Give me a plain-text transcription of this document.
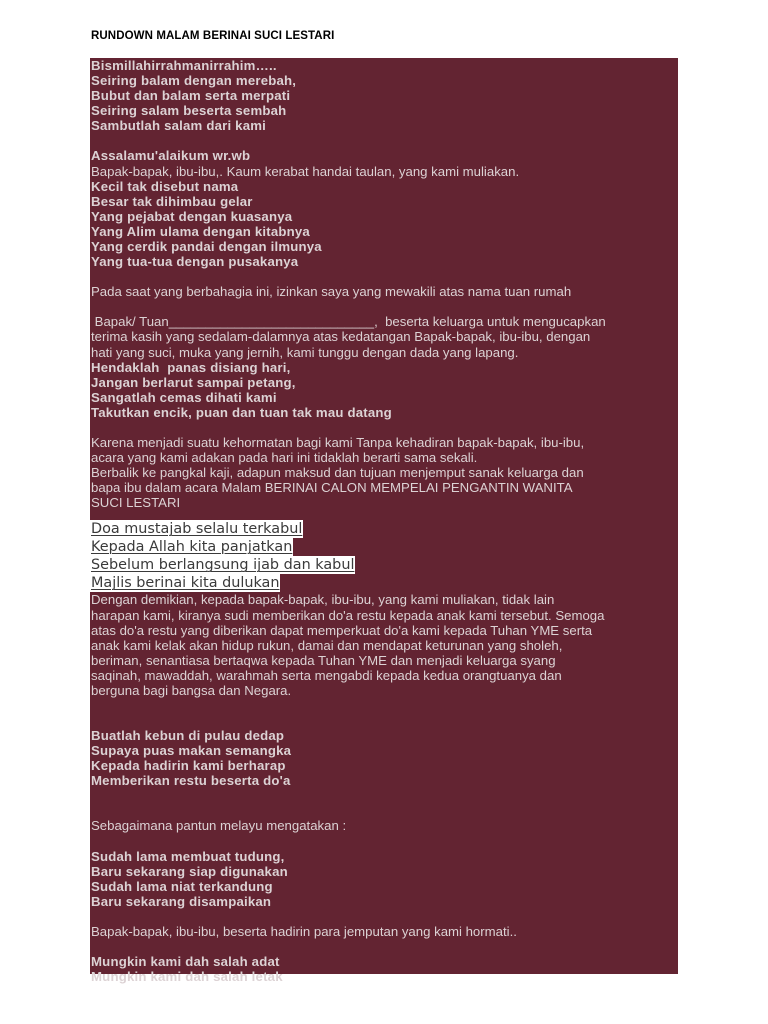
RUNDOWN MALAM BERINAI SUCI LESTARI
Bismillahirrahmanirrahim…..
Seiring balam dengan merebah,
Bubut dan balam serta merpati
Seiring salam beserta sembah
Sambutlah salam dari kami
Assalamu'alaikum wr.wb
Bapak-bapak, ibu-ibu,. Kaum kerabat handai taulan, yang kami muliakan.
Kecil tak disebut nama
Besar tak dihimbau gelar
Yang pejabat dengan kuasanya
Yang Alim ulama dengan kitabnya
Yang cerdik pandai dengan ilmunya
Yang tua-tua dengan pusakanya
Pada saat yang berbahagia ini, izinkan saya yang mewakili atas nama tuan rumah
Bapak/ Tuan____________________________,  beserta keluarga untuk mengucapkan
terima kasih yang sedalam-dalamnya atas kedatangan Bapak-bapak, ibu-ibu, dengan
hati yang suci, muka yang jernih, kami tunggu dengan dada yang lapang.
Hendaklah  panas disiang hari,
Jangan berlarut sampai petang,
Sangatlah cemas dihati kami
Takutkan encik, puan dan tuan tak mau datang
Karena menjadi suatu kehormatan bagi kami Tanpa kehadiran bapak-bapak, ibu-ibu,
acara yang kami adakan pada hari ini tidaklah berarti sama sekali.
Berbalik ke pangkal kaji, adapun maksud dan tujuan menjemput sanak keluarga dan
bapa ibu dalam acara Malam BERINAI CALON MEMPELAI PENGANTIN WANITA
SUCI LESTARI
Doa mustajab selalu terkabul
Kepada Allah kita panjatkan
Sebelum berlangsung ijab dan kabul
Majlis berinai kita dulukan
Dengan demikian, kepada bapak-bapak, ibu-ibu, yang kami muliakan, tidak lain
harapan kami, kiranya sudi memberikan do'a restu kepada anak kami tersebut. Semoga
atas do'a restu yang diberikan dapat memperkuat do'a kami kepada Tuhan YME serta
anak kami kelak akan hidup rukun, damai dan mendapat keturunan yang sholeh,
beriman, senantiasa bertaqwa kepada Tuhan YME dan menjadi keluarga syang
saqinah, mawaddah, warahmah serta mengabdi kepada kedua orangtuanya dan
berguna bagi bangsa dan Negara.
Buatlah kebun di pulau dedap
Supaya puas makan semangka
Kepada hadirin kami berharap
Memberikan restu beserta do'a
Sebagaimana pantun melayu mengatakan :
Sudah lama membuat tudung,
Baru sekarang siap digunakan
Sudah lama niat terkandung
Baru sekarang disampaikan
Bapak-bapak, ibu-ibu, beserta hadirin para jemputan yang kami hormati..
Mungkin kami dah salah adat
Mungkin kami dah salah letak
